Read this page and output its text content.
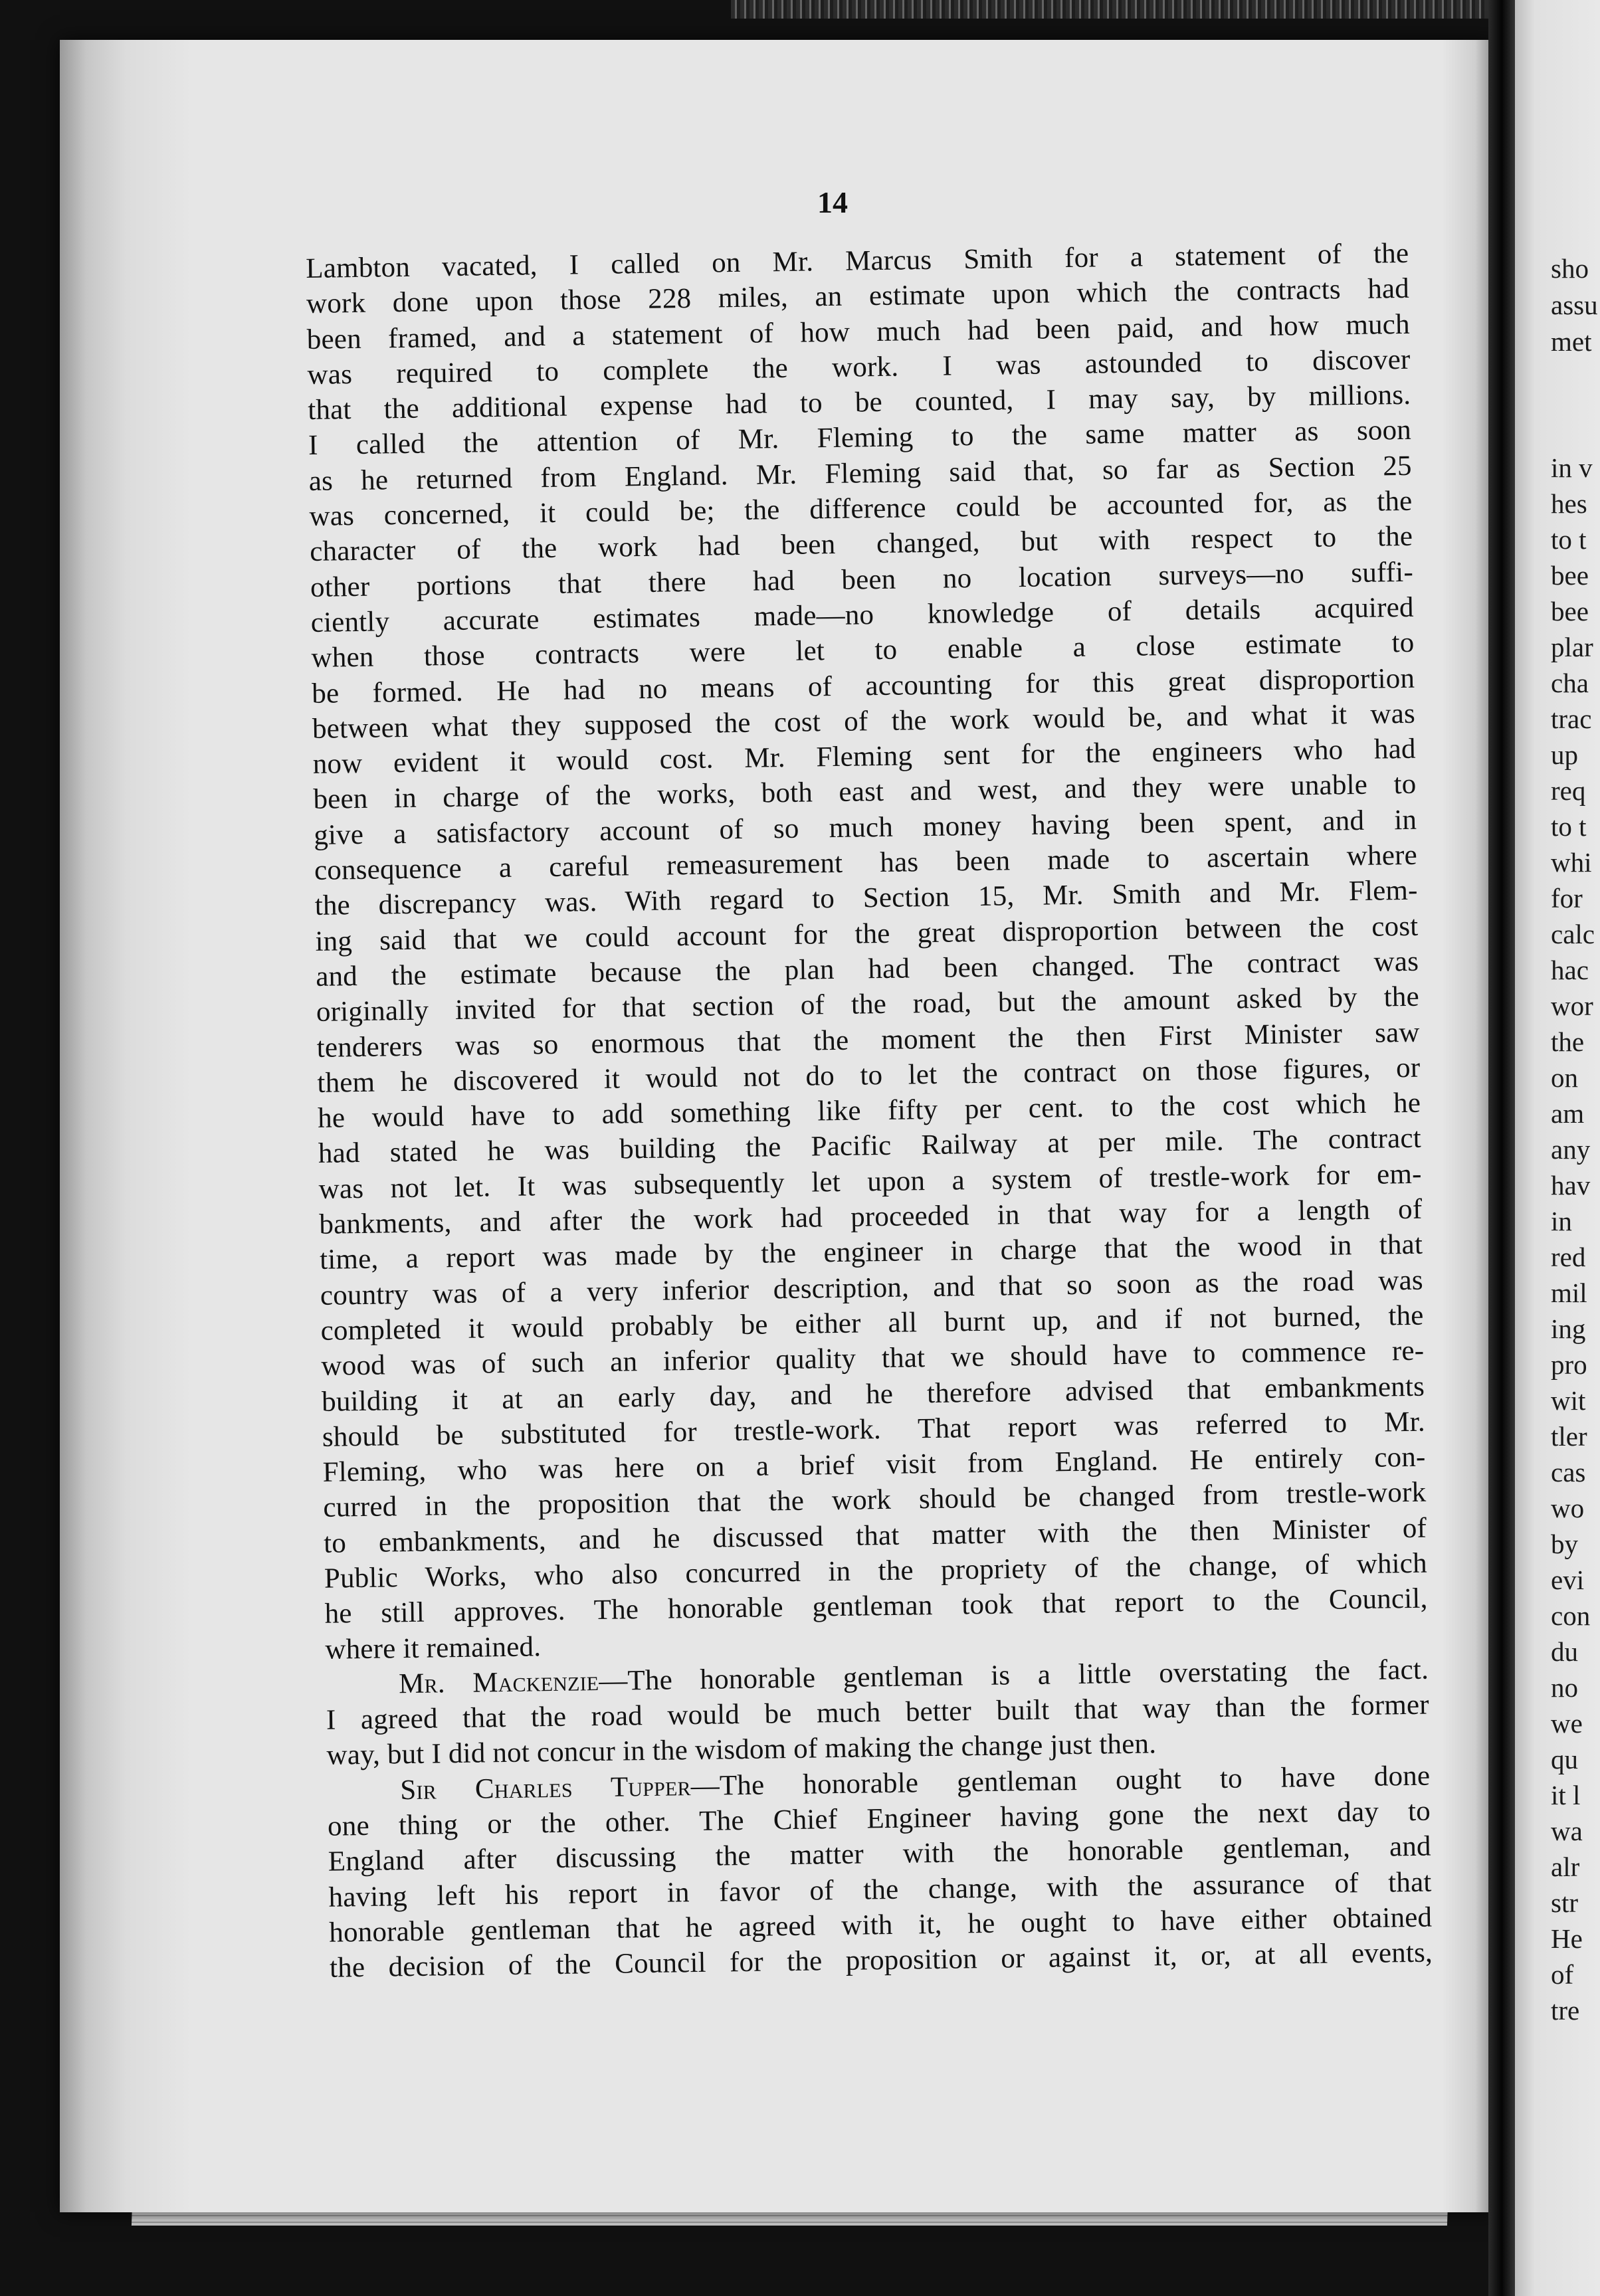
sho
assu
met
in v
hes
to t
bee
bee
plar
cha
trac
up
req
to t
whi
for
calc
hac
wor
the
on
am
any
hav
in
red
mil
ing
pro
wit
tler
cas
wo
by
evi
con
du
no
we
qu
it l
wa
alr
str
He
of
tre
14
Lambton vacated, I called on Mr. Marcus Smith for a statement of the
work done upon those 228 miles, an estimate upon which the contracts had
been framed, and a statement of how much had been paid, and how much
was required to complete the work. I was astounded to discover
that the additional expense had to be counted, I may say, by millions.
I called the attention of Mr. Fleming to the same matter as soon
as he returned from England. Mr. Fleming said that, so far as Section 25
was concerned, it could be; the difference could be accounted for, as the
character of the work had been changed, but with respect to the
other portions that there had been no location surveys—no suffi-
ciently accurate estimates made—no knowledge of details acquired
when those contracts were let to enable a close estimate to
be formed. He had no means of accounting for this great disproportion
between what they supposed the cost of the work would be, and what it was
now evident it would cost. Mr. Fleming sent for the engineers who had
been in charge of the works, both east and west, and they were unable to
give a satisfactory account of so much money having been spent, and in
consequence a careful remeasurement has been made to ascertain where
the discrepancy was. With regard to Section 15, Mr. Smith and Mr. Flem-
ing said that we could account for the great disproportion between the cost
and the estimate because the plan had been changed. The contract was
originally invited for that section of the road, but the amount asked by the
tenderers was so enormous that the moment the then First Minister saw
them he discovered it would not do to let the contract on those figures, or
he would have to add something like fifty per cent. to the cost which he
had stated he was building the Pacific Railway at per mile. The contract
was not let. It was subsequently let upon a system of trestle-work for em-
bankments, and after the work had proceeded in that way for a length of
time, a report was made by the engineer in charge that the wood in that
country was of a very inferior description, and that so soon as the road was
completed it would probably be either all burnt up, and if not burned, the
wood was of such an inferior quality that we should have to commence re-
building it at an early day, and he therefore advised that embankments
should be substituted for trestle-work. That report was referred to Mr.
Fleming, who was here on a brief visit from England. He entirely con-
curred in the proposition that the work should be changed from trestle-work
to embankments, and he discussed that matter with the then Minister of
Public Works, who also concurred in the propriety of the change, of which
he still approves. The honorable gentleman took that report to the Council,
where it remained.
Mr. Mackenzie—The honorable gentleman is a little overstating the fact.
I agreed that the road would be much better built that way than the former
way, but I did not concur in the wisdom of making the change just then.
Sir Charles Tupper—The honorable gentleman ought to have done
one thing or the other. The Chief Engineer having gone the next day to
England after discussing the matter with the honorable gentleman, and
having left his report in favor of the change, with the assurance of that
honorable gentleman that he agreed with it, he ought to have either obtained
the decision of the Council for the proposition or against it, or, at all events,
